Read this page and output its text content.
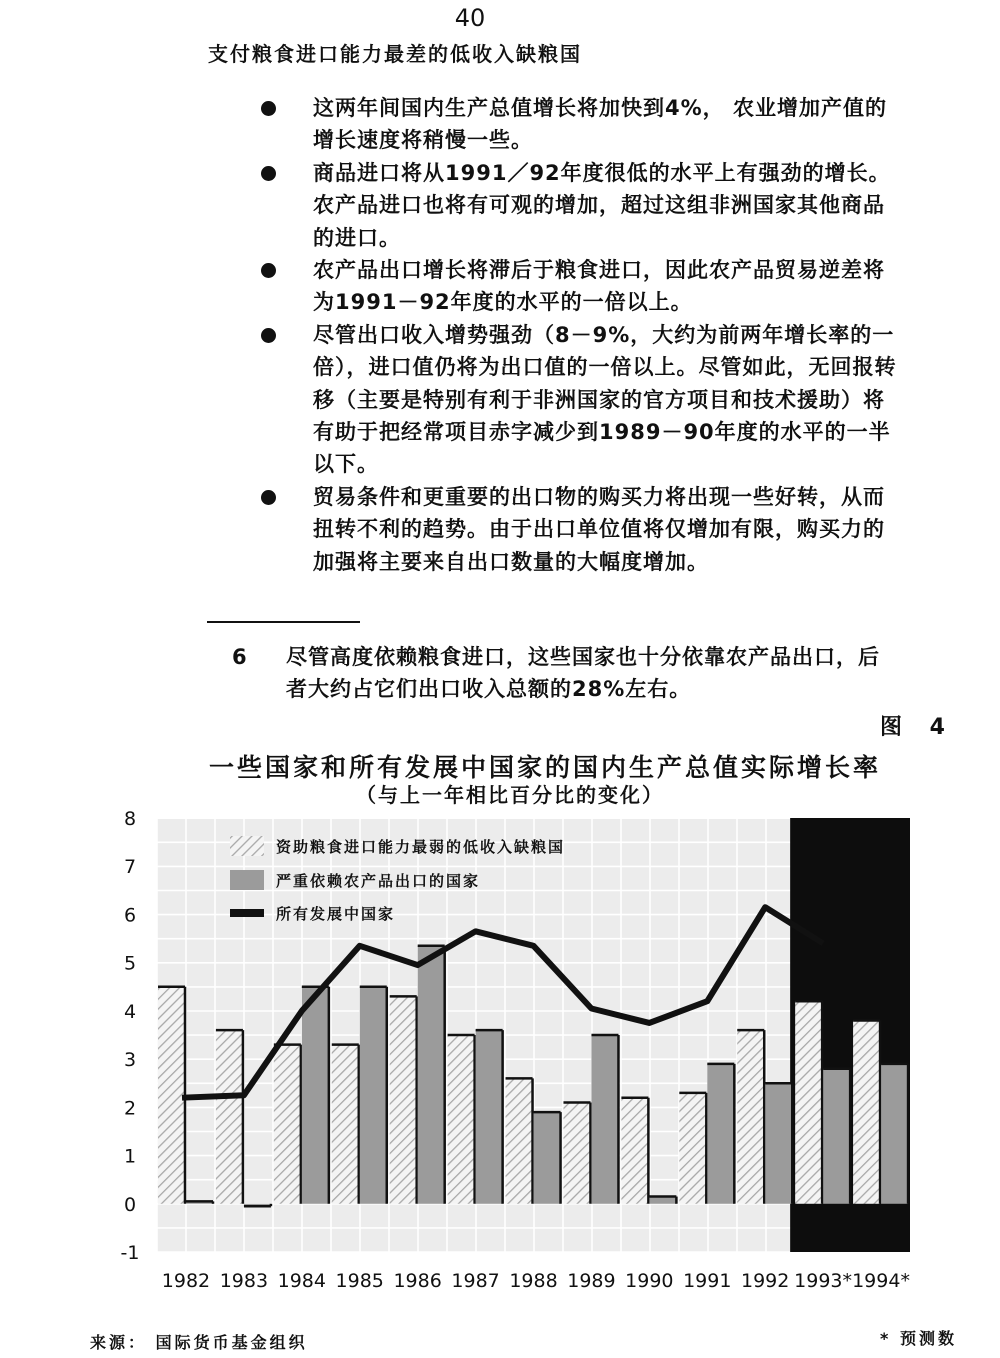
40
支付粮食进口能力最差的低收入缺粮国
这两年间国内生产总值增长将加快到4%， 农业增加产值的增长速度将稍慢一些。
商品进口将从1991／92年度很低的水平上有强劲的增长。农产品进口也将有可观的增加，超过这组非洲国家其他商品的进口。
农产品出口增长将滞后于粮食进口，因此农产品贸易逆差将为1991－92年度的水平的一倍以上。
尽管出口收入增势强劲（8－9%，大约为前两年增长率的一倍），进口值仍将为出口值的一倍以上。尽管如此，无回报转移（主要是特别有利于非洲国家的官方项目和技术援助）将有助于把经常项目赤字减少到1989－90年度的水平的一半以下。
贸易条件和更重要的出口物的购买力将出现一些好转，从而扭转不利的趋势。由于出口单位值将仅增加有限，购买力的加强将主要来自出口数量的大幅度增加。
6 尽管高度依赖粮食进口，这些国家也十分依靠农产品出口，后者大约占它们出口收入总额的28%左右。
图 4
一些国家和所有发展中国家的国内生产总值实际增长率
（与上一年相比百分比的变化）
8
7
6
5
4
3
2
1
0
-1
1982 1983 1984 1985 1986 1987 1988 1989 1990 1991 1992 1993* 1994*
资助粮食进口能力最弱的低收入缺粮国
严重依赖农产品出口的国家
所有发展中国家
来源： 国际货币基金组织	* 预测数
